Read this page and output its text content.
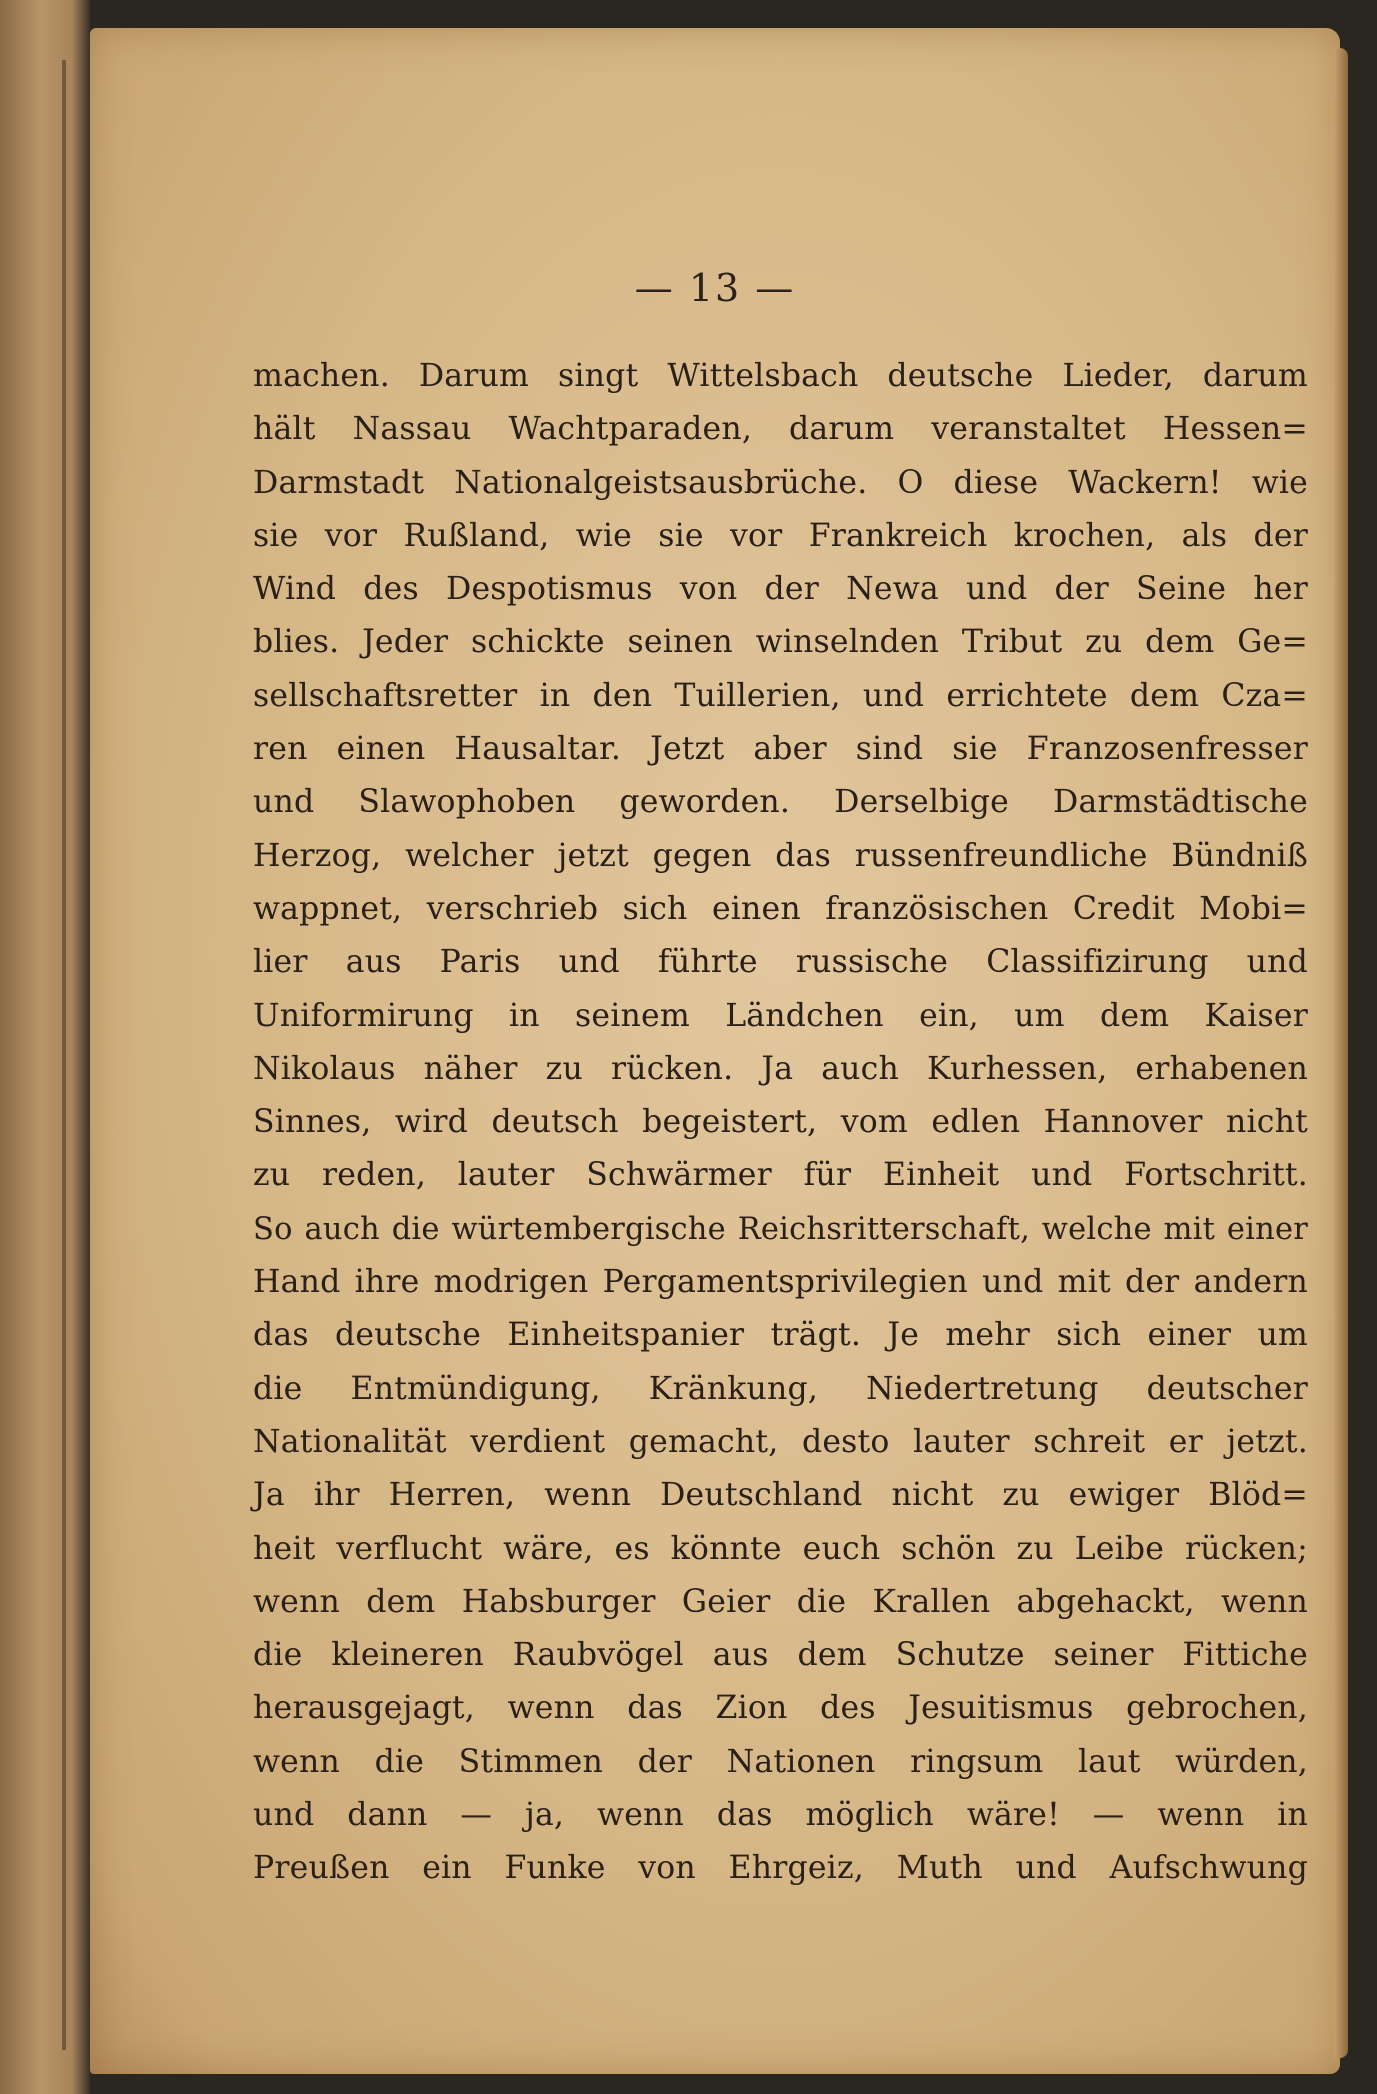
— 13 —
machen. Darum singt Wittelsbach deutsche Lieder, darum
hält Nassau Wachtparaden, darum veranstaltet Hessen=
Darmstadt Nationalgeistsausbrüche. O diese Wackern! wie
sie vor Rußland, wie sie vor Frankreich krochen, als der
Wind des Despotismus von der Newa und der Seine her
blies. Jeder schickte seinen winselnden Tribut zu dem Ge=
sellschaftsretter in den Tuillerien, und errichtete dem Cza=
ren einen Hausaltar. Jetzt aber sind sie Franzosenfresser
und Slawophoben geworden. Derselbige Darmstädtische
Herzog, welcher jetzt gegen das russenfreundliche Bündniß
wappnet, verschrieb sich einen französischen Credit Mobi=
lier aus Paris und führte russische Classifizirung und
Uniformirung in seinem Ländchen ein, um dem Kaiser
Nikolaus näher zu rücken. Ja auch Kurhessen, erhabenen
Sinnes, wird deutsch begeistert, vom edlen Hannover nicht
zu reden, lauter Schwärmer für Einheit und Fortschritt.
So auch die würtembergische Reichsritterschaft, welche mit einer
Hand ihre modrigen Pergamentsprivilegien und mit der andern
das deutsche Einheitspanier trägt. Je mehr sich einer um
die Entmündigung, Kränkung, Niedertretung deutscher
Nationalität verdient gemacht, desto lauter schreit er jetzt.
Ja ihr Herren, wenn Deutschland nicht zu ewiger Blöd=
heit verflucht wäre, es könnte euch schön zu Leibe rücken;
wenn dem Habsburger Geier die Krallen abgehackt, wenn
die kleineren Raubvögel aus dem Schutze seiner Fittiche
herausgejagt, wenn das Zion des Jesuitismus gebrochen,
wenn die Stimmen der Nationen ringsum laut würden,
und dann — ja, wenn das möglich wäre! — wenn in
Preußen ein Funke von Ehrgeiz, Muth und Aufschwung
